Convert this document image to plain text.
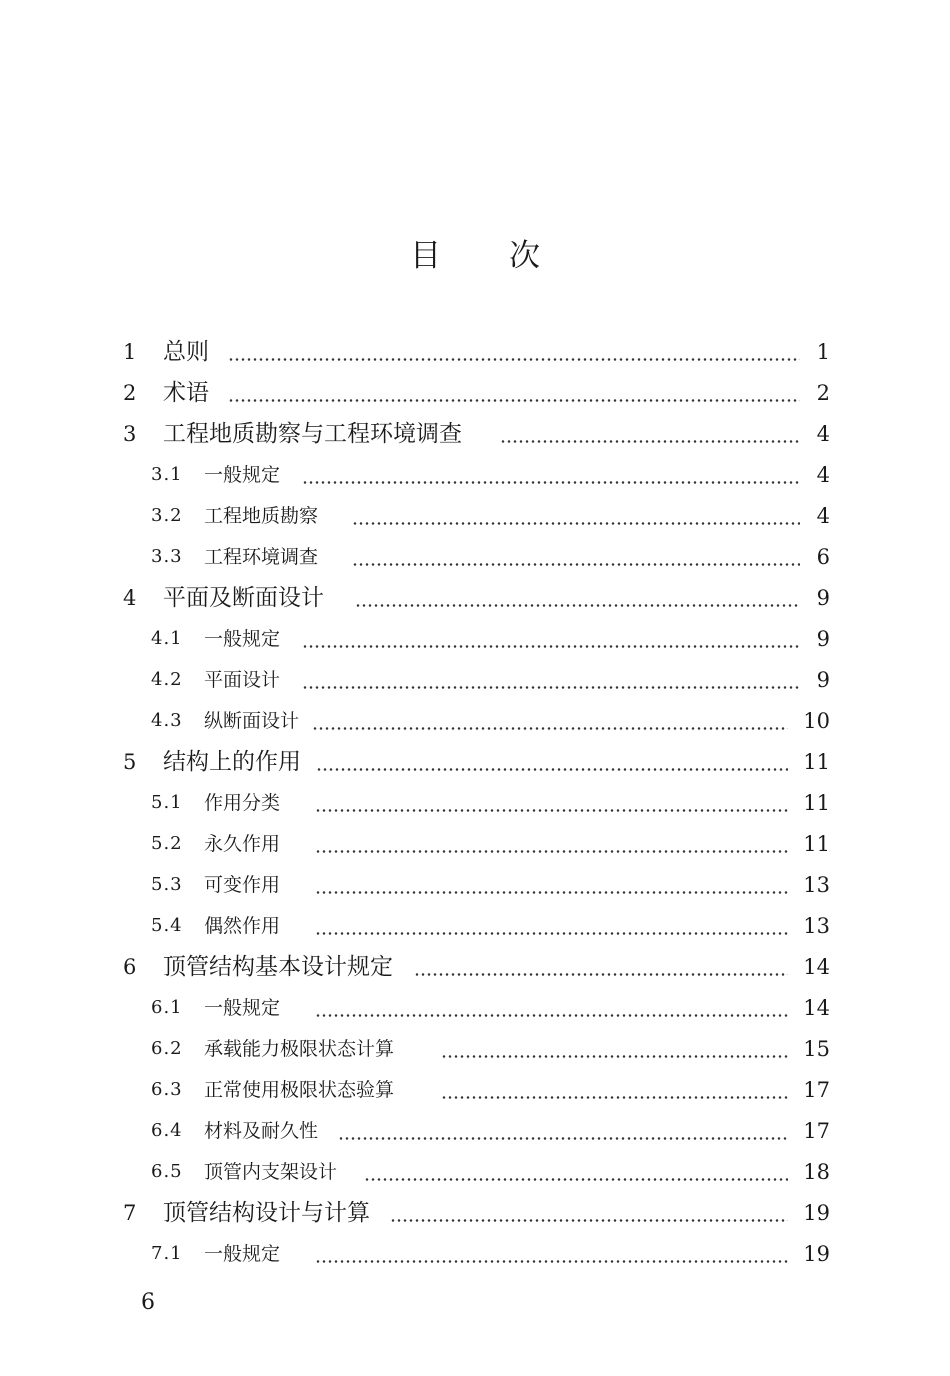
目次
1 总则	1
2 术语	2
3 工程地质勘察与工程环境调查	4
3.1 一般规定	4
3.2 工程地质勘察	4
3.3 工程环境调查	6
4 平面及断面设计	9
4.1 一般规定	9
4.2 平面设计	9
4.3 纵断面设计	10
5 结构上的作用	11
5.1 作用分类	11
5.2 永久作用	11
5.3 可变作用	13
5.4 偶然作用	13
6 顶管结构基本设计规定	14
6.1 一般规定	14
6.2 承载能力极限状态计算	15
6.3 正常使用极限状态验算	17
6.4 材料及耐久性	17
6.5 顶管内支架设计	18
7 顶管结构设计与计算	19
7.1 一般规定	19
6
